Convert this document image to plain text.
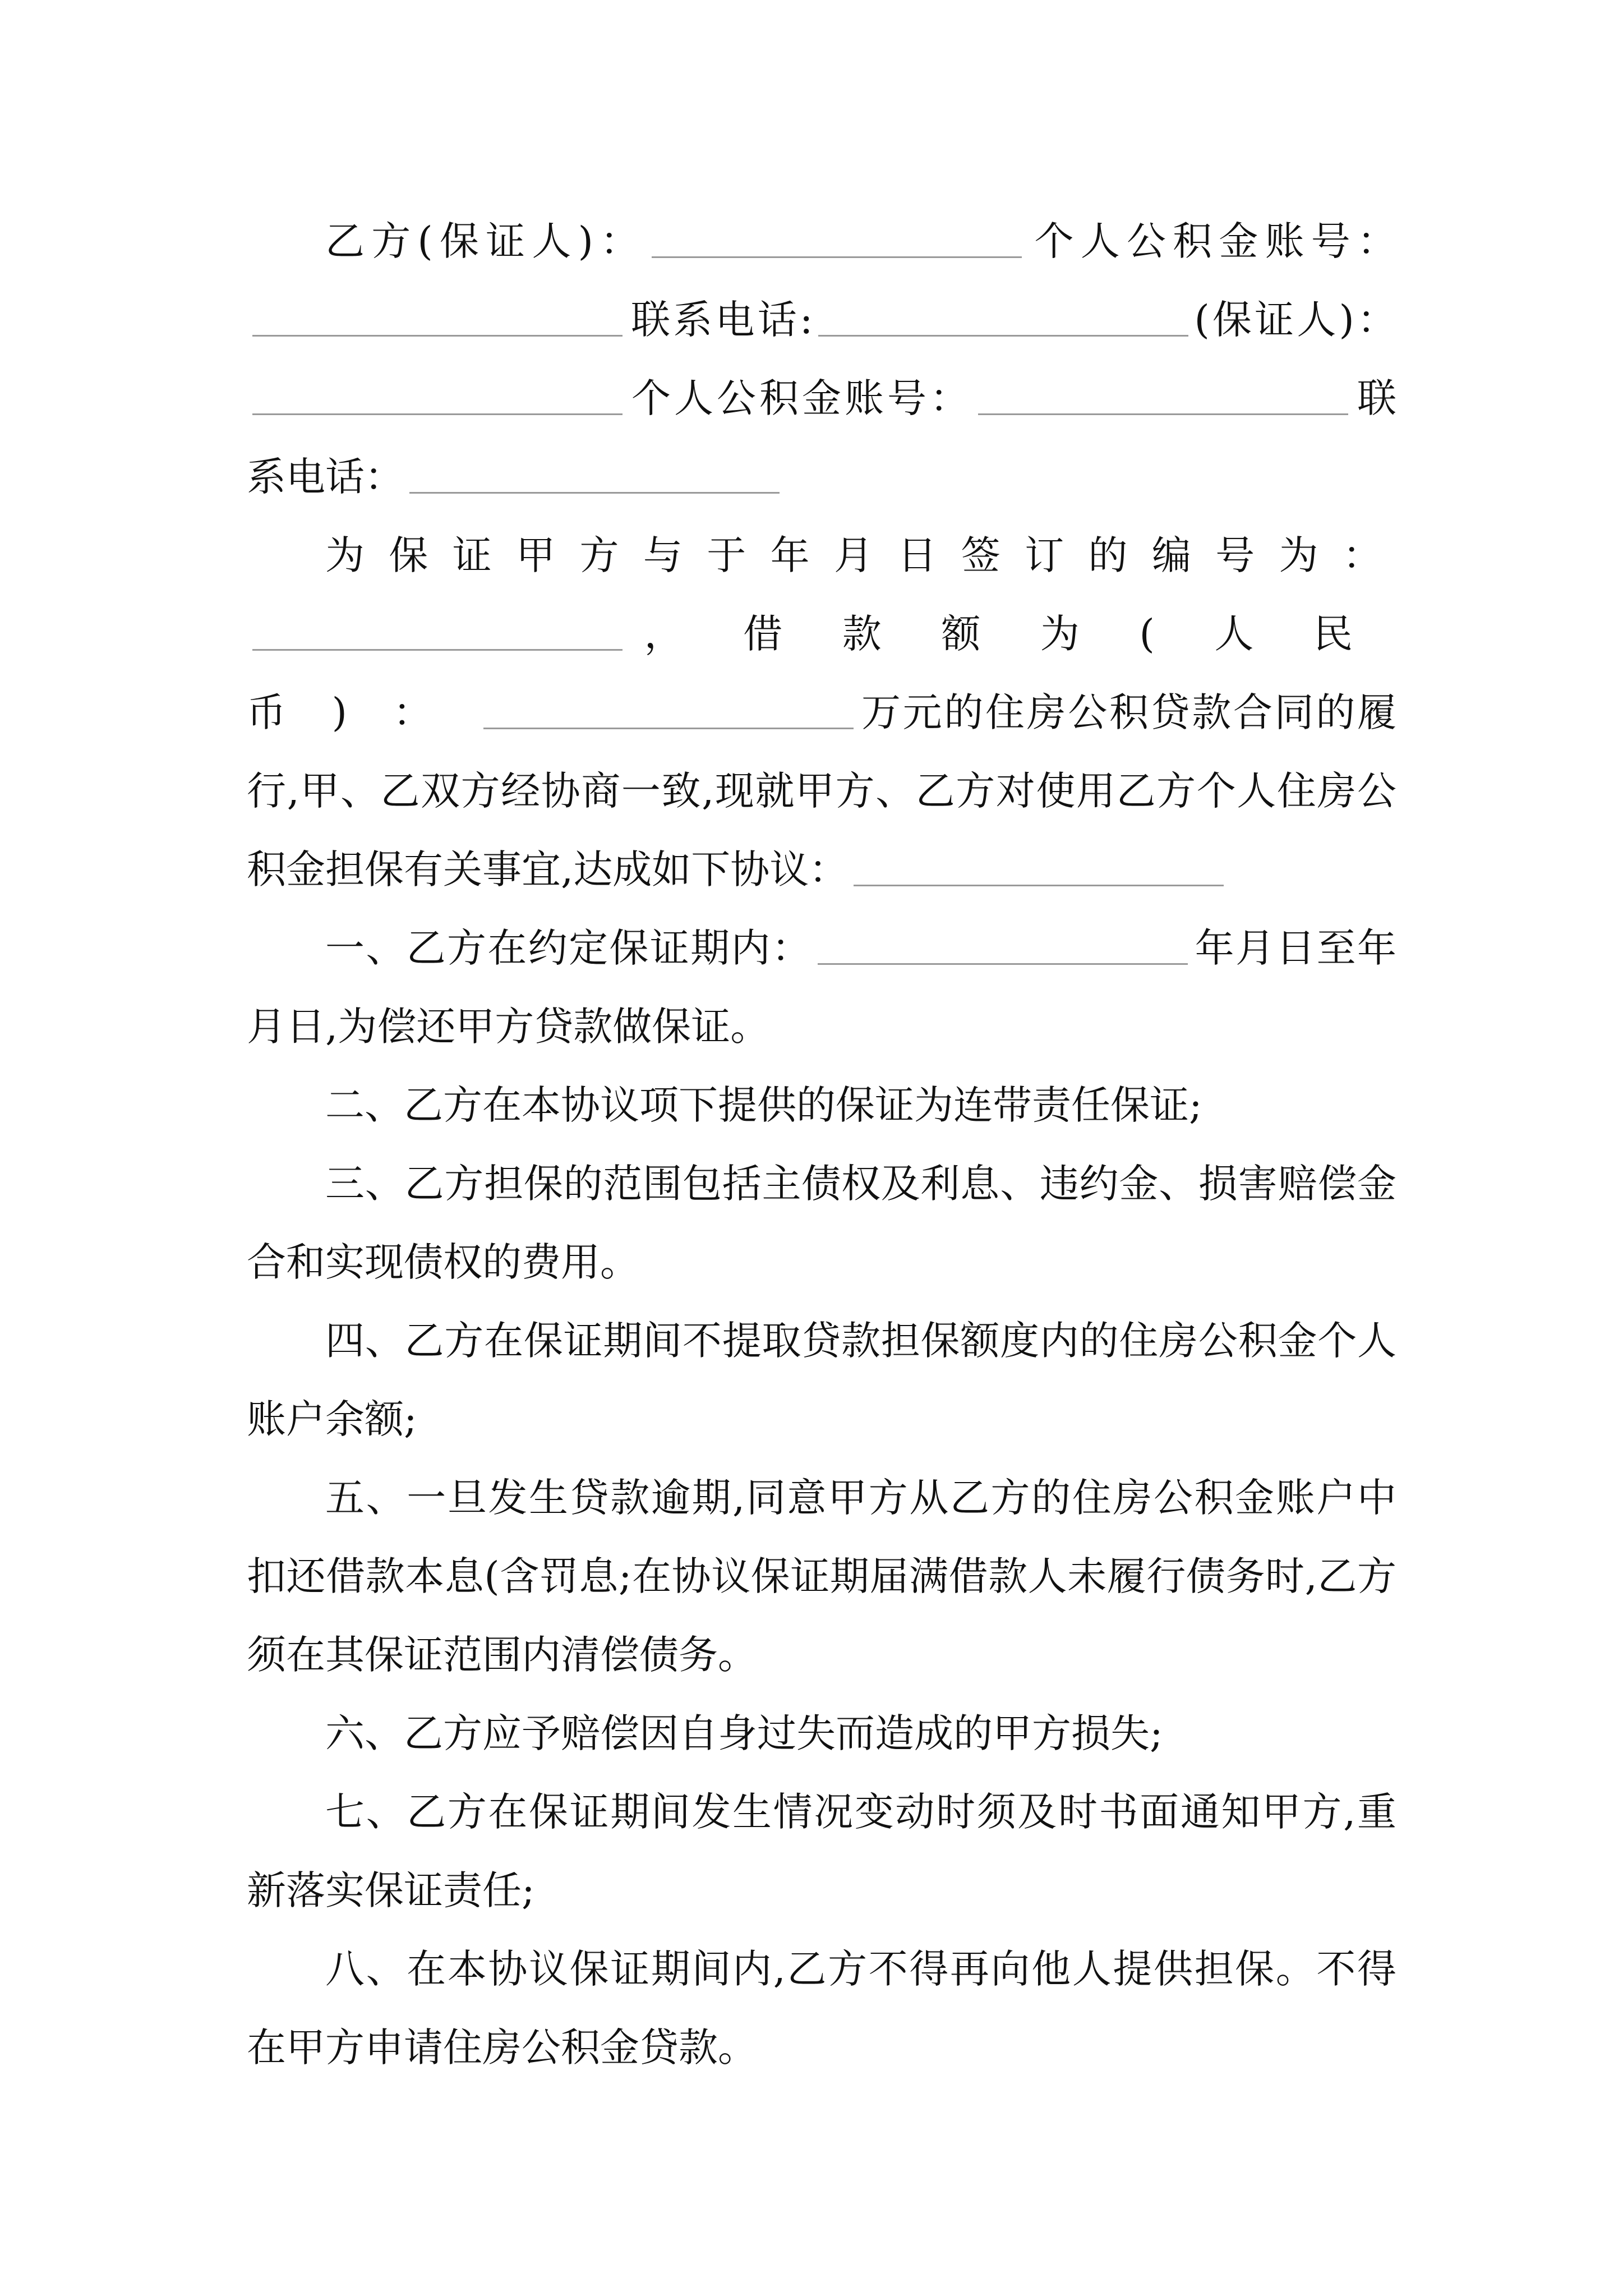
乙方(保证人)：	个人公积金账号：联系电话:	(保证人)：个人公积金账号：	联系电话：

为保证甲方与于年月日签订的编号为：，借款额为(人民币)：	万元的住房公积贷款合同的履行,甲、乙双方经协商一致,现就甲方、乙方对使用乙方个人住房公积金担保有关事宜,达成如下协议：

一、乙方在约定保证期内：	年月日至年月日,为偿还甲方贷款做保证。

二、乙方在本协议项下提供的保证为连带责任保证;

三、乙方担保的范围包括主债权及利息、违约金、损害赔偿金合和实现债权的费用。

四、乙方在保证期间不提取贷款担保额度内的住房公积金个人账户余额;

五、一旦发生贷款逾期,同意甲方从乙方的住房公积金账户中扣还借款本息(含罚息;在协议保证期届满借款人未履行债务时,乙方须在其保证范围内清偿债务。

六、乙方应予赔偿因自身过失而造成的甲方损失;

七、乙方在保证期间发生情况变动时须及时书面通知甲方,重新落实保证责任;

八、在本协议保证期间内,乙方不得再向他人提供担保。不得在甲方申请住房公积金贷款。
